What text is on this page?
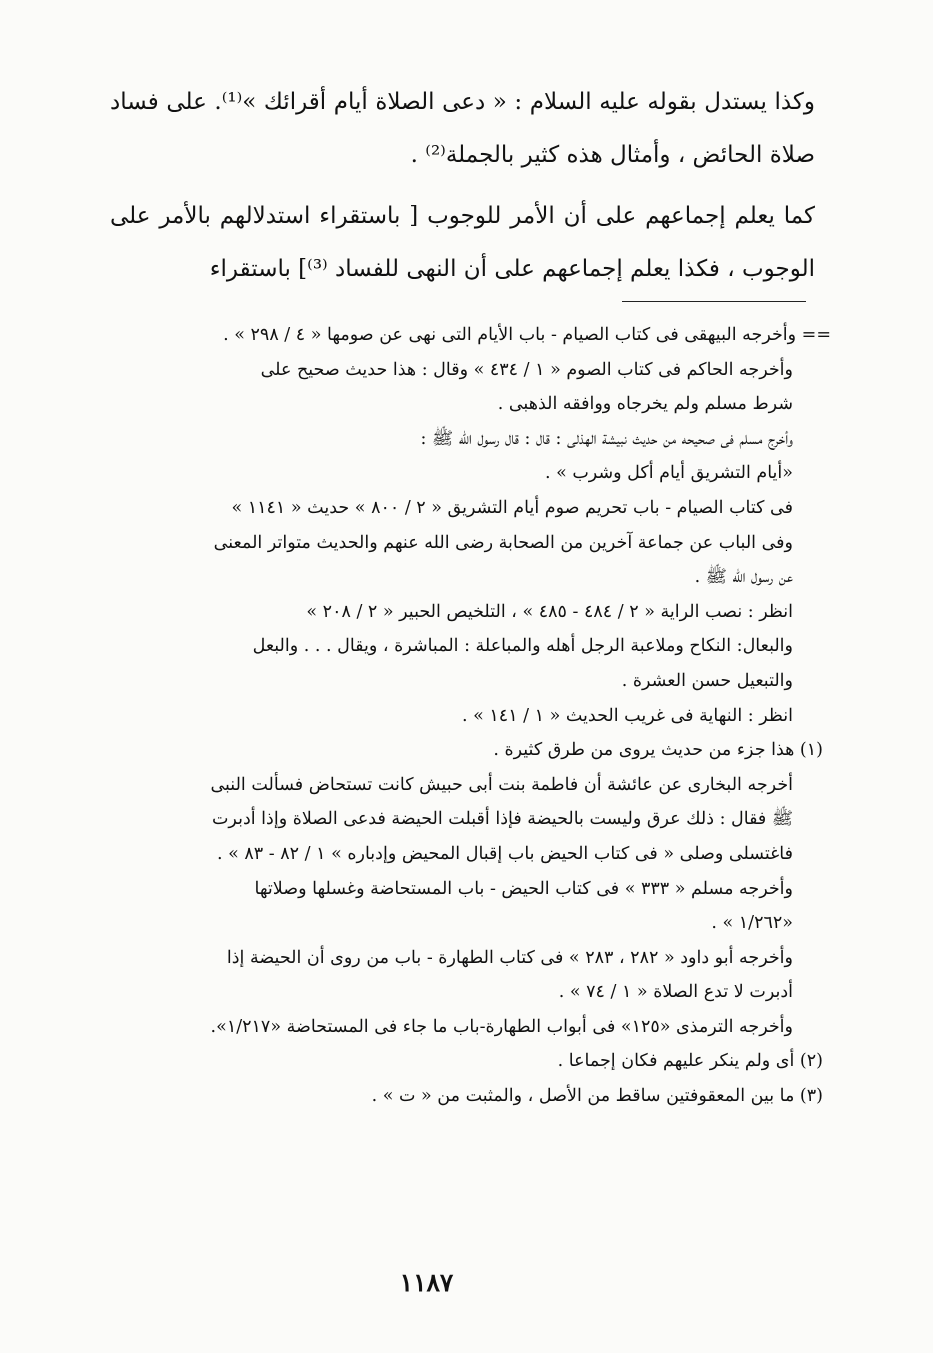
وكذا يستدل بقوله عليه السلام : « دعى الصلاة أيام أقرائك »⁽¹⁾. على فساد صلاة الحائض ، وأمثال هذه كثير بالجملة⁽²⁾ .

كما يعلم إجماعهم على أن الأمر للوجوب [ باستقراء استدلالهم بالأمر على الوجوب ، فكذا يعلم إجماعهم على أن النهى للفساد ⁽³⁾] باستقراء

== وأخرجه البيهقى فى كتاب الصيام - باب الأيام التى نهى عن صومها « ٤ / ٢٩٨ » .
وأخرجه الحاكم فى كتاب الصوم « ١ / ٤٣٤ » وقال : هذا حديث صحيح على
شرط مسلم ولم يخرجاه ووافقه الذهبى .
وأخرج مسلم فى صحيحه من حديث نبيشة الهذلى : قال : قال رسول الله ﷺ :
«أيام التشريق أيام أكل وشرب » .
فى كتاب الصيام - باب تحريم صوم أيام التشريق « ٢ / ٨٠٠ » حديث « ١١٤١ »
وفى الباب عن جماعة آخرين من الصحابة رضى الله عنهم والحديث متواتر المعنى
عن رسول الله ﷺ .
انظر : نصب الراية « ٢ / ٤٨٤ - ٤٨٥ » ، التلخيص الحبير « ٢ / ٢٠٨ »
والبعال: النكاح وملاعبة الرجل أهله والمباعلة : المباشرة ، ويقال . . . والبعل
والتبعيل حسن العشرة .
انظر : النهاية فى غريب الحديث « ١ / ١٤١ » .
(١) هذا جزء من حديث يروى من طرق كثيرة .
أخرجه البخارى عن عائشة أن فاطمة بنت أبى حبيش كانت تستحاض فسألت النبى
ﷺ فقال : ذلك عرق وليست بالحيضة فإذا أقبلت الحيضة فدعى الصلاة وإذا أدبرت
فاغتسلى وصلى « فى كتاب الحيض باب إقبال المحيض وإدباره » ١ / ٨٢ - ٨٣ » .
وأخرجه مسلم « ٣٣٣ » فى كتاب الحيض - باب المستحاضة وغسلها وصلاتها
«١/٢٦٢ » .
وأخرجه أبو داود « ٢٨٢ ، ٢٨٣ » فى كتاب الطهارة - باب من روى أن الحيضة إذا
أدبرت لا تدع الصلاة « ١ / ٧٤ » .
وأخرجه الترمذى «١٢٥» فى أبواب الطهارة-باب ما جاء فى المستحاضة «١/٢١٧».
(٢) أى ولم ينكر عليهم فكان إجماعا .
(٣) ما بين المعقوفتين ساقط من الأصل ، والمثبت من « ت » .
١١٨٧
